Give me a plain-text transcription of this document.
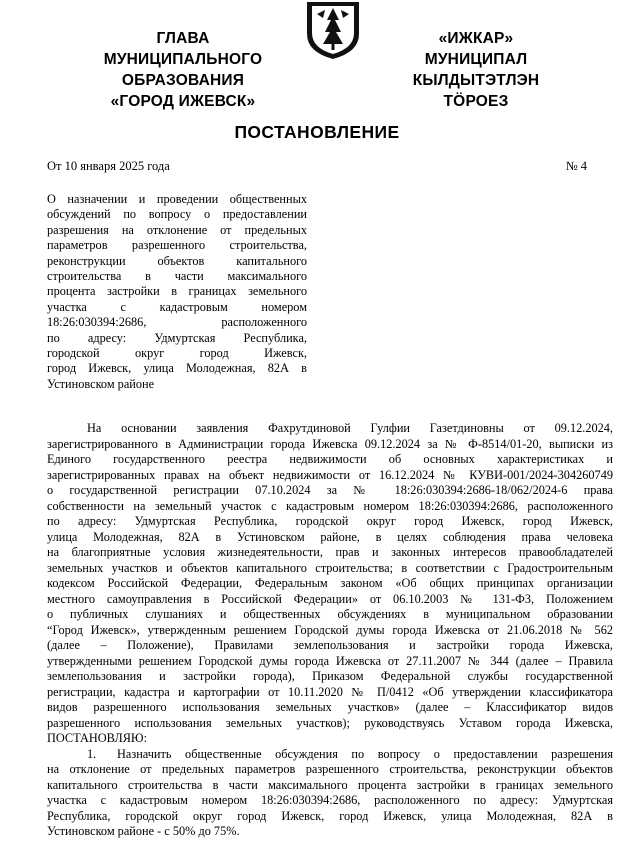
ГЛАВА
МУНИЦИПАЛЬНОГО
ОБРАЗОВАНИЯ
«ГОРОД ИЖЕВСК»
«ИЖКАР»
МУНИЦИПАЛ
КЫЛДЫТЭТЛЭН
ТӦРОЕЗ
ПОСТАНОВЛЕНИЕ
От 10 января 2025 года	№ 4
О назначении и проведении общественных
обсуждений по вопросу о предоставлении
разрешения на отклонение от предельных
параметров разрешенного строительства,
реконструкции объектов капитального
строительства в части максимального
процента застройки в границах земельного
участка с кадастровым номером
18:26:030394:2686, расположенного
по адресу: Удмуртская Республика,
городской округ город Ижевск,
город Ижевск, улица Молодежная, 82А в
Устиновском районе
На основании заявления Фахрутдиновой Гулфии Газетдиновны от 09.12.2024,
зарегистрированного в Администрации города Ижевска 09.12.2024 за № Ф-8514/01-20, выписки из
Единого государственного реестра недвижимости об основных характеристиках и
зарегистрированных правах на объект недвижимости от 16.12.2024 № КУВИ-001/2024-304260749
о государственной регистрации 07.10.2024 за № 18:26:030394:2686-18/062/2024-6 права
собственности на земельный участок с кадастровым номером 18:26:030394:2686, расположенного
по адресу: Удмуртская Республика, городской округ город Ижевск, город Ижевск,
улица Молодежная, 82А в Устиновском районе, в целях соблюдения права человека
на благоприятные условия жизнедеятельности, прав и законных интересов правообладателей
земельных участков и объектов капитального строительства; в соответствии с Градостроительным
кодексом Российской Федерации, Федеральным законом «Об общих принципах организации
местного самоуправления в Российской Федерации» от 06.10.2003 № 131-ФЗ, Положением
о публичных слушаниях и общественных обсуждениях в муниципальном образовании
“Город Ижевск», утвержденным решением Городской думы города Ижевска от 21.06.2018 № 562
(далее – Положение), Правилами землепользования и застройки города Ижевска,
утвержденными решением Городской думы города Ижевска от 27.11.2007 № 344 (далее – Правила
землепользования и застройки города), Приказом Федеральной службы государственной
регистрации, кадастра и картографии от 10.11.2020 № П/0412 «Об утверждении классификатора
видов разрешенного использования земельных участков» (далее – Классификатор видов
разрешенного использования земельных участков); руководствуясь Уставом города Ижевска,
ПОСТАНОВЛЯЮ:
1. Назначить общественные обсуждения по вопросу о предоставлении разрешения
на отклонение от предельных параметров разрешенного строительства, реконструкции объектов
капитального строительства в части максимального процента застройки в границах земельного
участка с кадастровым номером 18:26:030394:2686, расположенного по адресу: Удмуртская
Республика, городской округ город Ижевск, город Ижевск, улица Молодежная, 82А в
Устиновском районе - с 50% до 75%.
